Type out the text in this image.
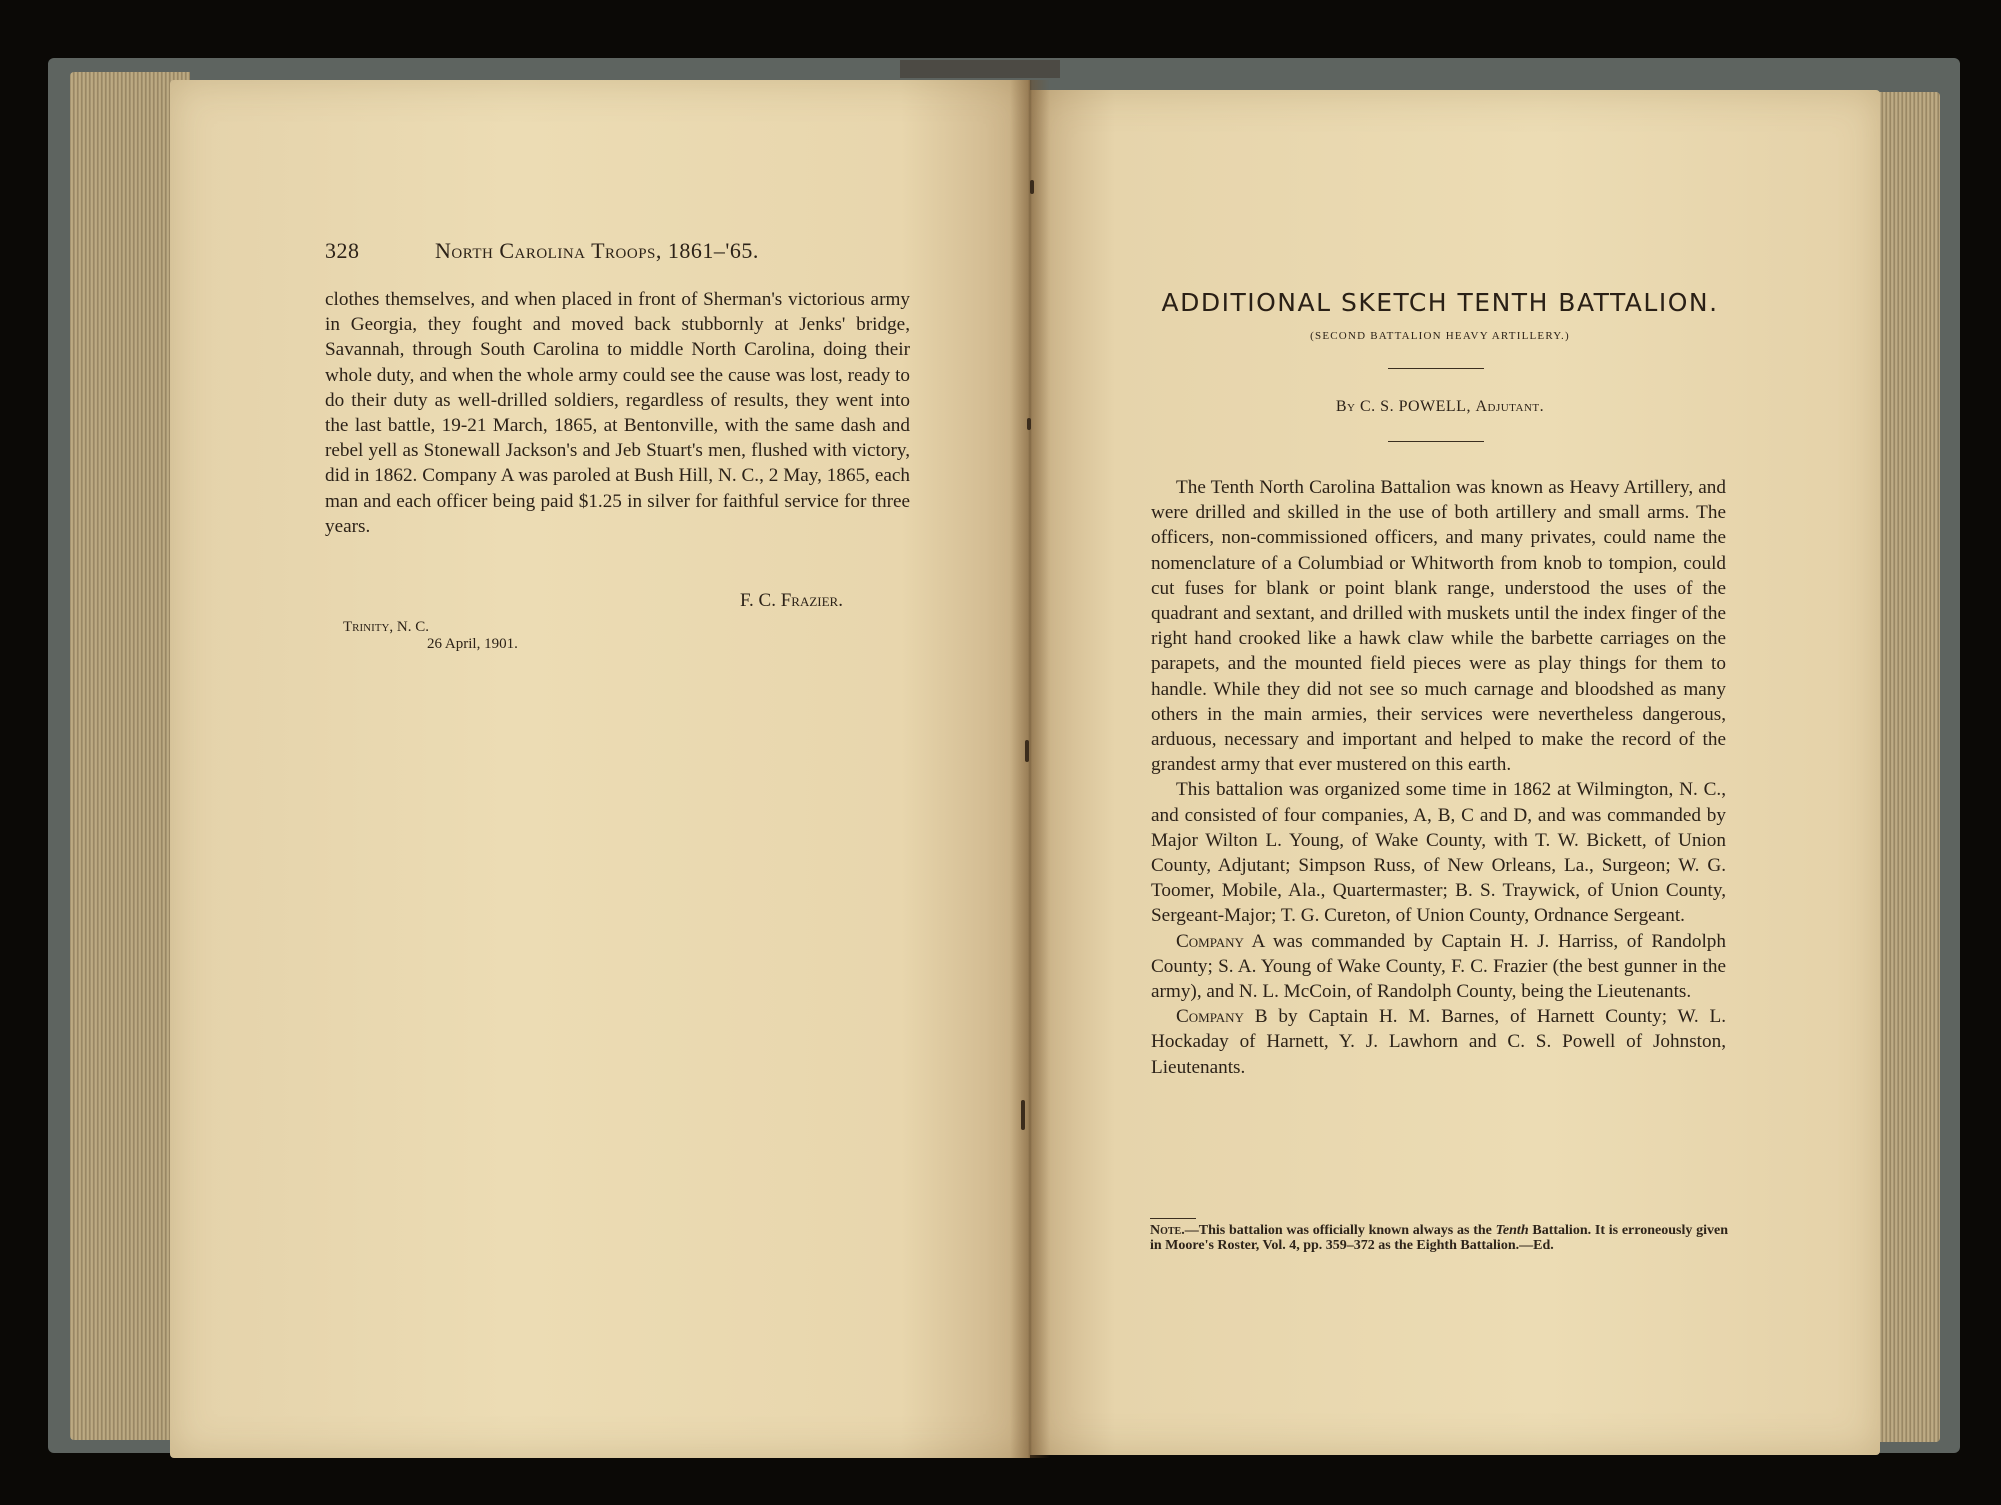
328	North Carolina Troops, 1861–'65.
clothes themselves, and when placed in front of Sherman's victorious army in Georgia, they fought and moved back stubbornly at Jenks' bridge, Savannah, through South Carolina to middle North Carolina, doing their whole duty, and when the whole army could see the cause was lost, ready to do their duty as well-drilled soldiers, regardless of results, they went into the last battle, 19-21 March, 1865, at Bentonville, with the same dash and rebel yell as Stonewall Jackson's and Jeb Stuart's men, flushed with victory, did in 1862. Company A was paroled at Bush Hill, N. C., 2 May, 1865, each man and each officer being paid $1.25 in silver for faithful service for three years.
F. C. Frazier.
Trinity, N. C.
26 April, 1901.
ADDITIONAL SKETCH TENTH BATTALION.
(SECOND BATTALION HEAVY ARTILLERY.)
By C. S. POWELL, Adjutant.

The Tenth North Carolina Battalion was known as Heavy Artillery, and were drilled and skilled in the use of both artillery and small arms. The officers, non-commissioned officers, and many privates, could name the nomenclature of a Columbiad or Whitworth from knob to tompion, could cut fuses for blank or point blank range, understood the uses of the quadrant and sextant, and drilled with muskets until the index finger of the right hand crooked like a hawk claw while the barbette carriages on the parapets, and the mounted field pieces were as play things for them to handle. While they did not see so much carnage and bloodshed as many others in the main armies, their services were nevertheless dangerous, arduous, necessary and important and helped to make the record of the grandest army that ever mustered on this earth.

This battalion was organized some time in 1862 at Wilmington, N. C., and consisted of four companies, A, B, C and D, and was commanded by Major Wilton L. Young, of Wake County, with T. W. Bickett, of Union County, Adjutant; Simpson Russ, of New Orleans, La., Surgeon; W. G. Toomer, Mobile, Ala., Quartermaster; B. S. Traywick, of Union County, Sergeant-Major; T. G. Cureton, of Union County, Ordnance Sergeant.

Company A was commanded by Captain H. J. Harriss, of Randolph County; S. A. Young of Wake County, F. C. Frazier (the best gunner in the army), and N. L. McCoin, of Randolph County, being the Lieutenants.

Company B by Captain H. M. Barnes, of Harnett County; W. L. Hockaday of Harnett, Y. J. Lawhorn and C. S. Powell of Johnston, Lieutenants.

Note.—This battalion was officially known always as the Tenth Battalion. It is erroneously given in Moore's Roster, Vol. 4, pp. 359–372 as the Eighth Battalion.—Ed.
